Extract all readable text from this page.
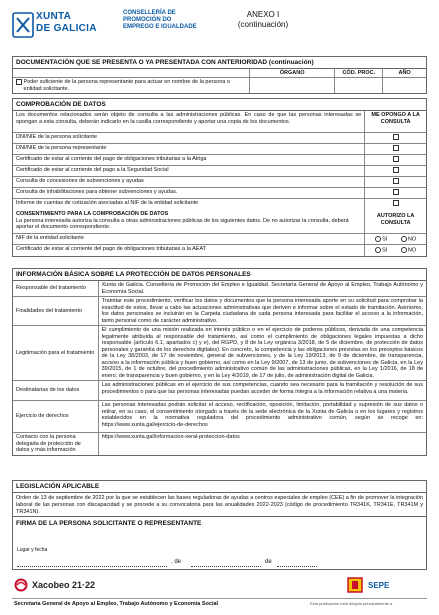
XUNTA
DE GALICIA
CONSELLERÍA DE PROMOCIÓN DO EMPREGO E IGUALDADE
ANEXO I
(continuación)
DOCUMENTACIÓN QUE SE PRESENTA O YA PRESENTADA CON ANTERIORIDAD (continuación)
ÓRGANO	CÓD. PROC.	AÑO
Poder suficiente de la persona representante para actuar en nombre de la persona o entidad solicitante.
COMPROBACIÓN DE DATOS
Los documentos relacionados serán objeto de consulta a las administraciones públicas. En caso de que las personas interesadas se opongan a esta consulta, deberán indicarlo en la casilla correspondiente y aportar una copia de los documentos.
ME OPONGO A LA CONSULTA
DNI/NIE de la persona solicitante
DNI/NIE de la persona representante
Certificado de estar al corriente del pago de obligaciones tributarias a la Atriga
Certificado de estar al corriente del pago a la Seguridad Social
Consulta de concesiones de subvenciones y ayudas
Consulta de inhabilitaciones para obtener subvenciones y ayudas.
Informe de cuentas de cotización asociadas al NIF de la entidad solicitante
CONSENTIMIENTO PARA LA COMPROBACIÓN DE DATOS
La persona interesada autoriza la consulta a otras administraciones públicas de los siguientes datos. De no autorizar la consulta, deberá aportar el documento correspondiente.
AUTORIZO LA CONSULTA
NIF de la entidad solicitante	SÍ	NO
Certificado de estar al corriente del pago de obligaciones tributarias a la AEAT	SÍ	NO
INFORMACIÓN BÁSICA SOBRE LA PROTECCIÓN DE DATOS PERSONALES
Responsable del tratamiento
Xunta de Galicia. Consellería de Promoción del Empleo e Igualdad. Secretaría General de Apoyo al Empleo, Trabajo Autónomo y Economía Social.
Finalidades del tratamiento
Tramitar este procedimiento, verificar los datos y documentos que la persona interesada aporte en su solicitud para comprobar la exactitud de estos, llevar a cabo las actuaciones administrativas que deriven e informar sobre el estado de tramitación. Asimismo, los datos personales se incluirán en la Carpeta ciudadana de cada persona interesada para facilitar el acceso a la información, tanto personal como de carácter administrativo.
Legitimación para el tratamiento
El cumplimiento de una misión realizada en interés público o en el ejercicio de poderes públicos, derivada de una competencia legalmente atribuida al responsable del tratamiento, así como el cumplimiento de obligaciones legales impuestas a dicho responsable (artículo 6.1, apartados c) y e), del RGPD, y 8 de la Ley orgánica 3/2018, de 5 de diciembre, de protección de datos personales y garantía de los derechos digitales). En concreto, la competencia y las obligaciones previstas en los preceptos básicos de la Ley 38/2003, de 17 de noviembre, general de subvenciones, y de la Ley 19/2013, de 9 de diciembre, de transparencia, acceso a la información pública y buen gobierno, así como en la Ley 9/2007, de 13 de junio, de subvenciones de Galicia, en la Ley 39/2015, de 1 de octubre, del procedimiento administrativo común de las administraciones públicas, en la Ley 1/2016, de 18 de enero, de transparencia y buen gobierno, y en la Ley 4/2019, de 17 de julio, de administración digital de Galicia.
Destinatarias de los datos
Las administraciones públicas en el ejercicio de sus competencias, cuando sea necesario para la tramitación y resolución de sus procedimientos o para que las personas interesadas puedan acceder de forma íntegra a la información relativa a una materia.
Ejercicio de derechos
Las personas interesadas podrán solicitar el acceso, rectificación, oposición, limitación, portabilidad y supresión de sus datos o retirar, en su caso, el consentimiento otorgado a través de la sede electrónica de la Xunta de Galicia o en los lugares y registros establecidos en la normativa reguladora del procedimiento administrativo común, según se recoge en: https://www.xunta.gal/ejercicio-de-derechos
Contacto con la persona delegada de protección de datos y más información
https://www.xunta.gal/informacion-xeral-proteccion-datos
LEGISLACIÓN APLICABLE
Orden de 13 de septiembre de 2022 por la que se establecen las bases reguladoras de ayudas a centros especiales de empleo (CEE) a fin de promover la integración laboral de las personas con discapacidad y se procede a su convocatoria para las anualidades 2022-2023 (código de procedimiento TR341K, TR341E, TR341M y TR341N).
FIRMA DE LA PERSONA SOLICITANTE O REPRESENTANTE
Lugar y fecha
, de	de
Xacobeo 21·22	SEPE
Secretaría General de Apoyo al Empleo, Trabajo Autónomo y Economía Social	Esta publicación está dirigida principalmente a
